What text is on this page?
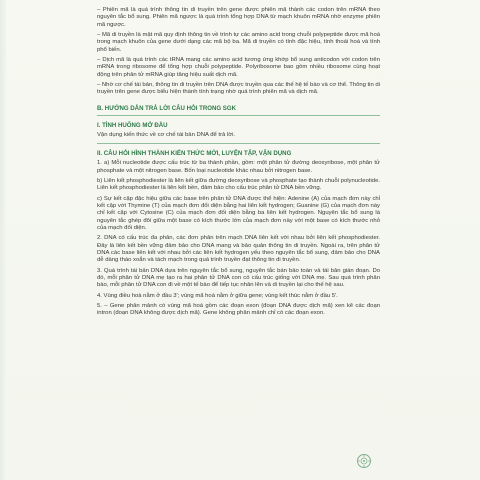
– Phiên mã là quá trình thông tin di truyền trên gene được phiên mã thành các codon trên mRNA theo nguyên tắc bổ sung. Phiên mã ngược là quá trình tổng hợp DNA từ mạch khuôn mRNA nhờ enzyme phiên mã ngược.

– Mã di truyền là mật mã quy định thông tin về trình tự các amino acid trong chuỗi polypeptide được mã hoá trong mạch khuôn của gene dưới dạng các mã bộ ba. Mã di truyền có tính đặc hiệu, tính thoái hoá và tính phổ biến.

– Dịch mã là quá trình các tRNA mang các amino acid tương ứng khớp bổ sung anticodon với codon trên mRNA trong ribosome để tổng hợp chuỗi polypeptide. Polyribosome bao gồm nhiều ribosome cùng hoạt động trên phân tử mRNA giúp tăng hiệu suất dịch mã.

– Nhờ cơ chế tái bản, thông tin di truyền trên DNA được truyền qua các thế hệ tế bào và cơ thể. Thông tin di truyền trên gene được biểu hiện thành tính trạng nhờ quá trình phiên mã và dịch mã.

B. HƯỚNG DẪN TRẢ LỜI CÂU HỎI TRONG SGK
I. TÌNH HUỐNG MỞ ĐẦU

Vận dụng kiến thức về cơ chế tái bản DNA để trả lời.

II. CÂU HỎI HÌNH THÀNH KIẾN THỨC MỚI, LUYỆN TẬP, VẬN DỤNG

1. a) Mỗi nucleotide được cấu trúc từ ba thành phần, gồm: một phân tử đường deoxyribose, một phân tử phosphate và một nitrogen base. Bốn loại nucleotide khác nhau bởi nitrogen base.

b) Liên kết phosphodiester là liên kết giữa đường deoxyribose và phosphate tạo thành chuỗi polynucleotide. Liên kết phosphodiester là liên kết bền, đảm bảo cho cấu trúc phân tử DNA bền vững.

c) Sự kết cặp đặc hiệu giữa các base trên phân tử DNA được thể hiện: Adenine (A) của mạch đơn này chỉ kết cặp với Thymine (T) của mạch đơn đối diện bằng hai liên kết hydrogen; Guanine (G) của mạch đơn này chỉ kết cặp với Cytosine (C) của mạch đơn đối diện bằng ba liên kết hydrogen. Nguyên tắc bổ sung là nguyên tắc ghép đôi giữa một base có kích thước lớn của mạch đơn này với một base có kích thước nhỏ của mạch đối diện.

2. DNA có cấu trúc đa phân, các đơn phân trên mạch DNA liên kết với nhau bởi liên kết phosphodiester. Đây là liên kết bền vững đảm bảo cho DNA mang và bảo quản thông tin di truyền. Ngoài ra, trên phân tử DNA các base liên kết với nhau bởi các liên kết hydrogen yếu theo nguyên tắc bổ sung, đảm bảo cho DNA dễ dàng tháo xoắn và tách mạch trong quá trình truyền đạt thông tin di truyền.

3. Quá trình tái bản DNA dựa trên nguyên tắc bổ sung, nguyên tắc bán bảo toàn và tái bản gián đoạn. Do đó, mỗi phân tử DNA mẹ tạo ra hai phân tử DNA con có cấu trúc giống với DNA mẹ. Sau quá trình phân bào, mỗi phân tử DNA con đi về một tế bào để tiếp tục nhân lên và di truyền lại cho thế hệ sau.

4. Vùng điều hoà nằm ở đầu 3'; vùng mã hoá nằm ở giữa gene; vùng kết thúc nằm ở đầu 5'.

5. – Gene phân mảnh có vùng mã hoá gồm các đoạn exon (đoạn DNA được dịch mã) xen kẽ các đoạn intron (đoạn DNA không được dịch mã). Gene không phân mảnh chỉ có các đoạn exon.
